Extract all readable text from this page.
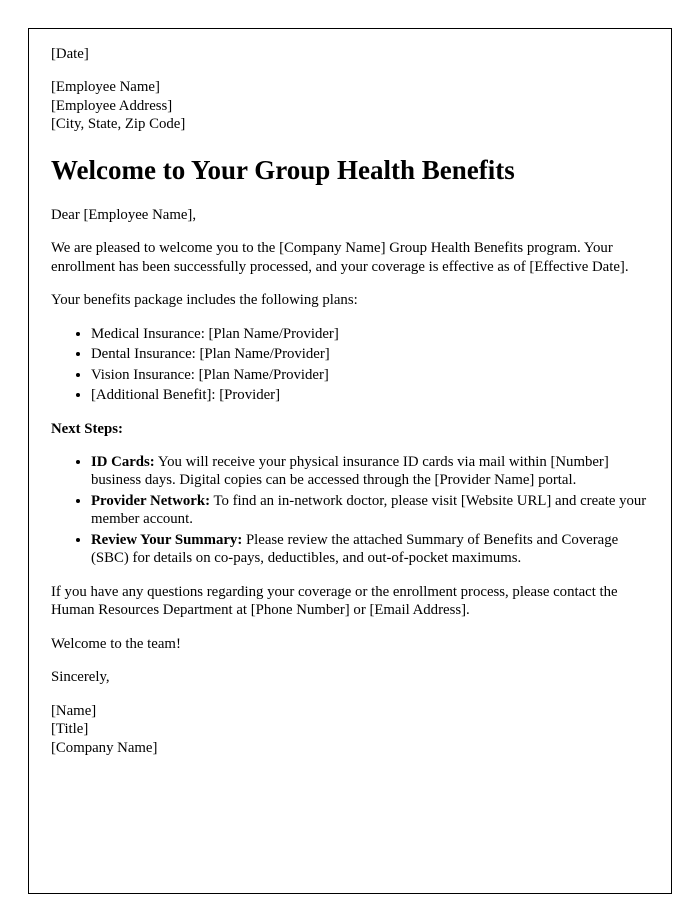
[Date]

[Employee Name]

[Employee Address]

[City, State, Zip Code]

Welcome to Your Group Health Benefits

Dear [Employee Name],

We are pleased to welcome you to the [Company Name] Group Health Benefits program. Your enrollment has been successfully processed, and your coverage is effective as of [Effective Date].

Your benefits package includes the following plans:

• Medical Insurance: [Plan Name/Provider]
• Dental Insurance: [Plan Name/Provider]
• Vision Insurance: [Plan Name/Provider]
• [Additional Benefit]: [Provider]

Next Steps:

• ID Cards: You will receive your physical insurance ID cards via mail within [Number] business days. Digital copies can be accessed through the [Provider Name] portal.
• Provider Network: To find an in-network doctor, please visit [Website URL] and create your member account.
• Review Your Summary: Please review the attached Summary of Benefits and Coverage (SBC) for details on co-pays, deductibles, and out-of-pocket maximums.

If you have any questions regarding your coverage or the enrollment process, please contact the Human Resources Department at [Phone Number] or [Email Address].

Welcome to the team!

Sincerely,

[Name]

[Title]

[Company Name]
